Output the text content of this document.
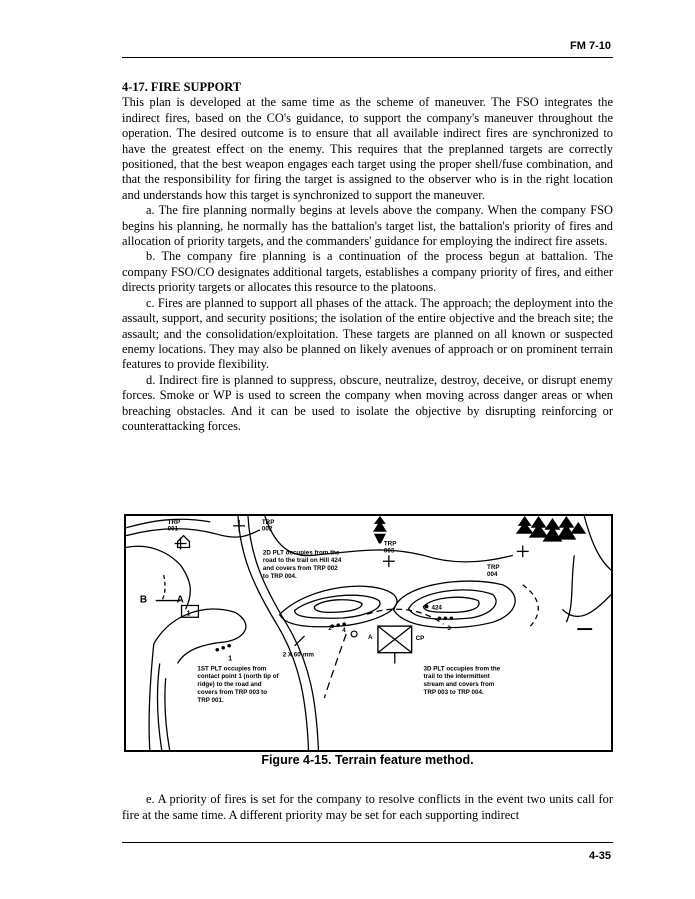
FM 7-10

4-17. FIRE SUPPORT

This plan is developed at the same time as the scheme of maneuver. The FSO integrates the indirect fires, based on the CO's guidance, to support the company's maneuver throughout the operation. The desired outcome is to ensure that all available indirect fires are synchronized to have the greatest effect on the enemy. This requires that the preplanned targets are correctly positioned, that the best weapon engages each target using the proper shell/fuse combination, and that the responsibility for firing the target is assigned to the observer who is in the right location and understands how this target is synchronized to support the maneuver.

a. The fire planning normally begins at levels above the company. When the company FSO begins his planning, he normally has the battalion's target list, the battalion's priority of fires and allocation of priority targets, and the commanders' guidance for employing the indirect fire assets.

b. The company fire planning is a continuation of the process begun at battalion. The company FSO/CO designates additional targets, establishes a company priority of fires, and either directs priority targets or allocates this resource to the platoons.

c. Fires are planned to support all phases of the attack. The approach; the deployment into the assault, support, and security positions; the isolation of the entire objective and the breach site; the assault; and the consolidation/exploitation. These targets are planned on all known or suspected enemy locations. They may also be planned on likely avenues of approach or on prominent terrain features to provide flexibility.

d. Indirect fire is planned to suppress, obscure, neutralize, destroy, deceive, or disrupt enemy forces. Smoke or WP is used to screen the company when moving across danger areas or when breaching obstacles. And it can be used to isolate the objective by disrupting reinforcing or counterattacking forces.

TRP
001
TRP
002
TRP
003
TRP
004
B	A
1
1
2	3
4
424
A	CP
2 X 60-mm
2D PLT occupies from the
road to the trail on Hill 424
and covers from TRP 002
to TRP 004.
1ST PLT occupies from
contact point 1 (north tip of
ridge) to the road and
covers from TRP 003 to
TRP 001.
3D PLT occupies from the
trail to the intermittent
stream and covers from
TRP 003 to TRP 004.
Figure 4-15. Terrain feature method.

e. A priority of fires is set for the company to resolve conflicts in the event two units call for fire at the same time. A different priority may be set for each supporting indirect

4-35
